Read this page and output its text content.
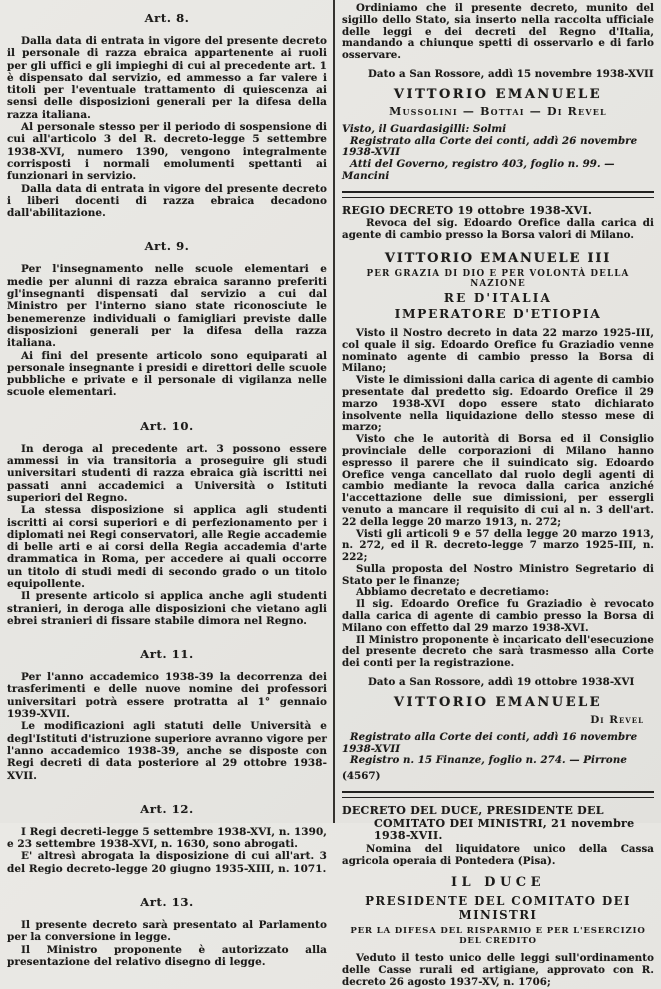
Art. 8.

Dalla data di entrata in vigore del presente decreto il personale di razza ebraica appartenente ai ruoli per gli uffici e gli impieghi di cui al precedente art. 1 è dispensato dal servizio, ed ammesso a far valere i titoli per l'eventuale trattamento di quiescenza ai sensi delle disposizioni generali per la difesa della razza italiana.

Al personale stesso per il periodo di sospensione di cui all'articolo 3 del R. decreto-legge 5 settembre 1938-XVI, numero 1390, vengono integralmente corrisposti i normali emolumenti spettanti ai funzionari in servizio.

Dalla data di entrata in vigore del presente decreto i liberi docenti di razza ebraica decadono dall'abilitazione.

Art. 9.

Per l'insegnamento nelle scuole elementari e medie per alunni di razza ebraica saranno preferiti gl'insegnanti dispensati dal servizio a cui dal Ministro per l'interno siano state riconosciute le benemerenze individuali o famigliari previste dalle disposizioni generali per la difesa della razza italiana.

Ai fini del presente articolo sono equiparati al personale insegnante i presidi e direttori delle scuole pubbliche e private e il personale di vigilanza nelle scuole elementari.

Art. 10.

In deroga al precedente art. 3 possono essere ammessi in via transitoria a proseguire gli studi universitari studenti di razza ebraica già iscritti nei passati anni accademici a Università o Istituti superiori del Regno.

La stessa disposizione si applica agli studenti iscritti ai corsi superiori e di perfezionamento per i diplomati nei Regi conservatori, alle Regie accademie di belle arti e ai corsi della Regia accademia d'arte drammatica in Roma, per accedere ai quali occorre un titolo di studi medi di secondo grado o un titolo equipollente.

Il presente articolo si applica anche agli studenti stranieri, in deroga alle disposizioni che vietano agli ebrei stranieri di fissare stabile dimora nel Regno.

Art. 11.

Per l'anno accademico 1938-39 la decorrenza dei trasferimenti e delle nuove nomine dei professori universitari potrà essere protratta al 1° gennaio 1939-XVII.

Le modificazioni agli statuti delle Università e degl'Istituti d'istruzione superiore avranno vigore per l'anno accademico 1938-39, anche se disposte con Regi decreti di data posteriore al 29 ottobre 1938-XVII.

Art. 12.

I Regi decreti-legge 5 settembre 1938-XVI, n. 1390, e 23 settembre 1938-XVI, n. 1630, sono abrogati.

E' altresì abrogata la disposizione di cui all'art. 3 del Regio decreto-legge 20 giugno 1935-XIII, n. 1071.

Art. 13.

Il presente decreto sarà presentato al Parlamento per la conversione in legge.

Il Ministro proponente è autorizzato alla presentazione del relativo disegno di legge.

Ordiniamo che il presente decreto, munito del sigillo dello Stato, sia inserto nella raccolta ufficiale delle leggi e dei decreti del Regno d'Italia, mandando a chiunque spetti di osservarlo e di farlo osservare.

Dato a San Rossore, addì 15 novembre 1938-XVII

VITTORIO EMANUELE
Mussolini — Bottai — Di Revel

Visto, il Guardasigilli: Solmi

Registrato alla Corte dei conti, addì 26 novembre 1938-XVII

Atti del Governo, registro 403, foglio n. 99. — Mancini

REGIO DECRETO 19 ottobre 1938-XVI.

Revoca del sig. Edoardo Orefice dalla carica di agente di cambio presso la Borsa valori di Milano.

VITTORIO EMANUELE III
PER GRAZIA DI DIO E PER VOLONTÀ DELLA NAZIONE
RE D'ITALIA
IMPERATORE D'ETIOPIA

Visto il Nostro decreto in data 22 marzo 1925-III, col quale il sig. Edoardo Orefice fu Graziadio venne nominato agente di cambio presso la Borsa di Milano;

Viste le dimissioni dalla carica di agente di cambio presentate dal predetto sig. Edoardo Orefice il 29 marzo 1938-XVI dopo essere stato dichiarato insolvente nella liquidazione dello stesso mese di marzo;

Visto che le autorità di Borsa ed il Consiglio provinciale delle corporazioni di Milano hanno espresso il parere che il suindicato sig. Edoardo Orefice venga cancellato dal ruolo degli agenti di cambio mediante la revoca dalla carica anziché l'accettazione delle sue dimissioni, per essergli venuto a mancare il requisito di cui al n. 3 dell'art. 22 della legge 20 marzo 1913, n. 272;

Visti gli articoli 9 e 57 della legge 20 marzo 1913, n. 272, ed il R. decreto-legge 7 marzo 1925-III, n. 222;

Sulla proposta del Nostro Ministro Segretario di Stato per le finanze;

Abbiamo decretato e decretiamo:

Il sig. Edoardo Orefice fu Graziadio è revocato dalla carica di agente di cambio presso la Borsa di Milano con effetto dal 29 marzo 1938-XVI.

Il Ministro proponente è incaricato dell'esecuzione del presente decreto che sarà trasmesso alla Corte dei conti per la registrazione.

Dato a San Rossore, addì 19 ottobre 1938-XVI

VITTORIO EMANUELE
Di Revel

Registrato alla Corte dei conti, addì 16 novembre 1938-XVII

Registro n. 15 Finanze, foglio n. 274. — Pirrone

(4567)

DECRETO DEL DUCE, PRESIDENTE DEL COMITATO DEI MINISTRI, 21 novembre 1938-XVII.

Nomina del liquidatore unico della Cassa agricola operaia di Pontedera (Pisa).

IL DUCE
PRESIDENTE DEL COMITATO DEI MINISTRI
PER LA DIFESA DEL RISPARMIO E PER L'ESERCIZIO DEL CREDITO

Veduto il testo unico delle leggi sull'ordinamento delle Casse rurali ed artigiane, approvato con R. decreto 26 agosto 1937-XV, n. 1706;
